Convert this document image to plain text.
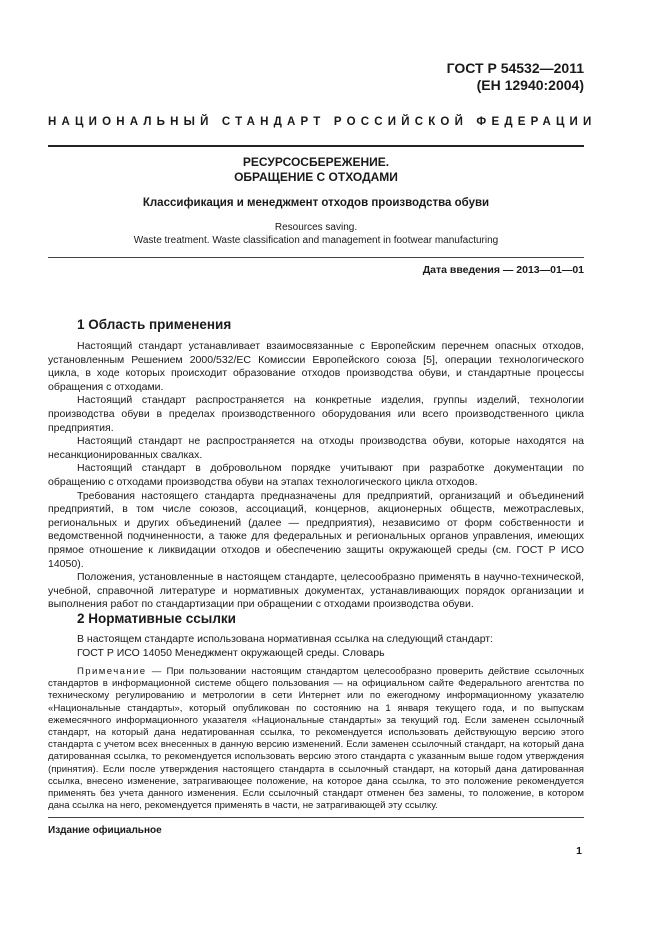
ГОСТ Р 54532—2011
(ЕН 12940:2004)
НАЦИОНАЛЬНЫЙ СТАНДАРТ РОССИЙСКОЙ ФЕДЕРАЦИИ
РЕСУРСОСБЕРЕЖЕНИЕ.
ОБРАЩЕНИЕ С ОТХОДАМИ
Классификация и менеджмент отходов производства обуви
Resources saving.
Waste treatment. Waste classification and management in footwear manufacturing
Дата введения — 2013—01—01
1 Область применения

Настоящий стандарт устанавливает взаимосвязанные с Европейским перечнем опасных отходов, установленным Решением 2000/532/ЕС Комиссии Европейского союза [5], операции технологического цикла, в ходе которых происходит образование отходов производства обуви, и стандартные процессы обращения с отходами.

Настоящий стандарт распространяется на конкретные изделия, группы изделий, технологии производства обуви в пределах производственного оборудования или всего производственного цикла предприятия.

Настоящий стандарт не распространяется на отходы производства обуви, которые находятся на несанкционированных свалках.

Настоящий стандарт в добровольном порядке учитывают при разработке документации по обращению с отходами производства обуви на этапах технологического цикла отходов.

Требования настоящего стандарта предназначены для предприятий, организаций и объединений предприятий, в том числе союзов, ассоциаций, концернов, акционерных обществ, межотраслевых, региональных и других объединений (далее — предприятия), независимо от форм собственности и ведомственной подчиненности, а также для федеральных и региональных органов управления, имеющих прямое отношение к ликвидации отходов и обеспечению защиты окружающей среды (см. ГОСТ Р ИСО 14050).

Положения, установленные в настоящем стандарте, целесообразно применять в научно-технической, учебной, справочной литературе и нормативных документах, устанавливающих порядок организации и выполнения работ по стандартизации при обращении с отходами производства обуви.

2 Нормативные ссылки

В настоящем стандарте использована нормативная ссылка на следующий стандарт:

ГОСТ Р ИСО 14050 Менеджмент окружающей среды. Словарь

Примечание — При пользовании настоящим стандартом целесообразно проверить действие ссылочных стандартов в информационной системе общего пользования — на официальном сайте Федерального агентства по техническому регулированию и метрологии в сети Интернет или по ежегодному информационному указателю «Национальные стандарты», который опубликован по состоянию на 1 января текущего года, и по выпускам ежемесячного информационного указателя «Национальные стандарты» за текущий год. Если заменен ссылочный стандарт, на который дана недатированная ссылка, то рекомендуется использовать действующую версию этого стандарта с учетом всех внесенных в данную версию изменений. Если заменен ссылочный стандарт, на который дана датированная ссылка, то рекомендуется использовать версию этого стандарта с указанным выше годом утверждения (принятия). Если после утверждения настоящего стандарта в ссылочный стандарт, на который дана датированная ссылка, внесено изменение, затрагивающее положение, на которое дана ссылка, то это положение рекомендуется применять без учета данного изменения. Если ссылочный стандарт отменен без замены, то положение, в котором дана ссылка на него, рекомендуется применять в части, не затрагивающей эту ссылку.

Издание официальное
1
